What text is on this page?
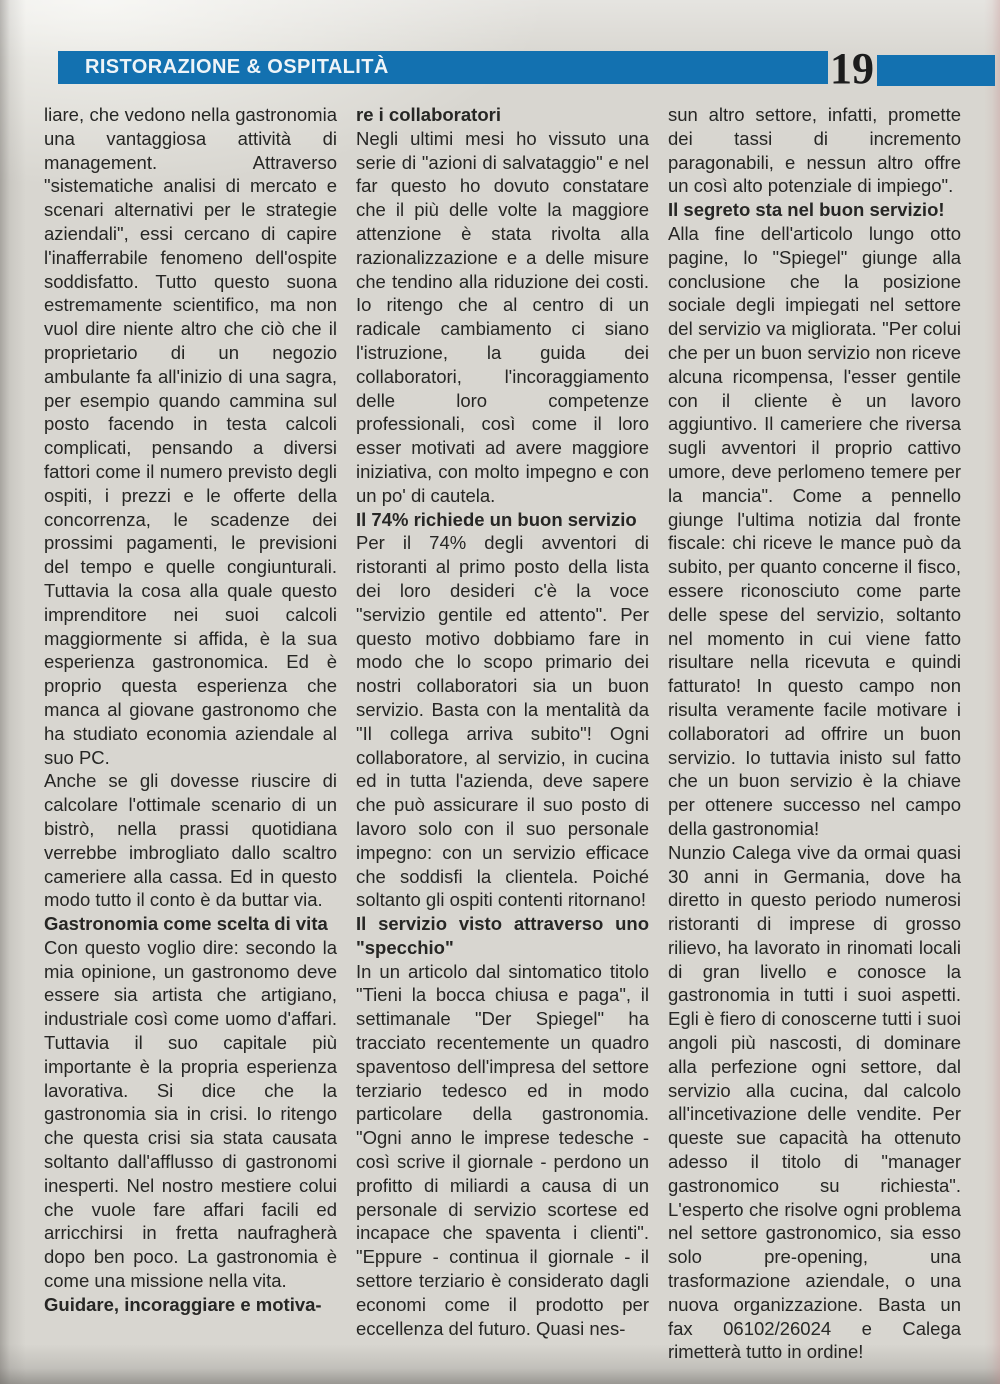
RISTORAZIONE & OSPITALITÀ	19

liare, che vedono nella gastronomia una vantaggiosa attività di management. Attraverso "sistematiche analisi di mercato e scenari alternativi per le strategie aziendali", essi cercano di capire l'inafferrabile fenomeno dell'ospite soddisfatto. Tutto questo suona estremamente scientifico, ma non vuol dire niente altro che ciò che il proprietario di un negozio ambulante fa all'inizio di una sagra, per esempio quando cammina sul posto facendo in testa calcoli complicati, pensando a diversi fattori come il numero previsto degli ospiti, i prezzi e le offerte della concorrenza, le scadenze dei prossimi pagamenti, le previsioni del tempo e quelle congiunturali. Tuttavia la cosa alla quale questo imprenditore nei suoi calcoli maggiormente si affida, è la sua esperienza gastronomica. Ed è proprio questa esperienza che manca al giovane gastronomo che ha studiato economia aziendale al suo PC.

Anche se gli dovesse riuscire di calcolare l'ottimale scenario di un bistrò, nella prassi quotidiana verrebbe imbrogliato dallo scaltro cameriere alla cassa. Ed in questo modo tutto il conto è da buttar via.

Gastronomia come scelta di vita

Con questo voglio dire: secondo la mia opinione, un gastronomo deve essere sia artista che artigiano, industriale così come uomo d'affari. Tuttavia il suo capitale più importante è la propria esperienza lavorativa. Si dice che la gastronomia sia in crisi. Io ritengo che questa crisi sia stata causata soltanto dall'afflusso di gastronomi inesperti. Nel nostro mestiere colui che vuole fare affari facili ed arricchirsi in fretta naufragherà dopo ben poco. La gastronomia è come una missione nella vita.

Guidare, incoraggiare e motiva-

re i collaboratori

Negli ultimi mesi ho vissuto una serie di "azioni di salvataggio" e nel far questo ho dovuto constatare che il più delle volte la maggiore attenzione è stata rivolta alla razionalizzazione e a delle misure che tendino alla riduzione dei costi. Io ritengo che al centro di un radicale cambiamento ci siano l'istruzione, la guida dei collaboratori, l'incoraggiamento delle loro competenze professionali, così come il loro esser motivati ad avere maggiore iniziativa, con molto impegno e con un po' di cautela.

Il 74% richiede un buon servizio

Per il 74% degli avventori di ristoranti al primo posto della lista dei loro desideri c'è la voce "servizio gentile ed attento". Per questo motivo dobbiamo fare in modo che lo scopo primario dei nostri collaboratori sia un buon servizio. Basta con la mentalità da "Il collega arriva subito"! Ogni collaboratore, al servizio, in cucina ed in tutta l'azienda, deve sapere che può assicurare il suo posto di lavoro solo con il suo personale impegno: con un servizio efficace che soddisfi la clientela. Poiché soltanto gli ospiti contenti ritornano!

Il servizio visto attraverso uno "specchio"

In un articolo dal sintomatico titolo "Tieni la bocca chiusa e paga", il settimanale "Der Spiegel" ha tracciato recentemente un quadro spaventoso dell'impresa del settore terziario tedesco ed in modo particolare della gastronomia. "Ogni anno le imprese tedesche - così scrive il giornale - perdono un profitto di miliardi a causa di un personale di servizio scortese ed incapace che spaventa i clienti". "Eppure - continua il giornale - il settore terziario è considerato dagli economi come il prodotto per eccellenza del futuro. Quasi nes-

sun altro settore, infatti, promette dei tassi di incremento paragonabili, e nessun altro offre un così alto potenziale di impiego".

Il segreto sta nel buon servizio!

Alla fine dell'articolo lungo otto pagine, lo "Spiegel" giunge alla conclusione che la posizione sociale degli impiegati nel settore del servizio va migliorata. "Per colui che per un buon servizio non riceve alcuna ricompensa, l'esser gentile con il cliente è un lavoro aggiuntivo. Il cameriere che riversa sugli avventori il proprio cattivo umore, deve perlomeno temere per la mancia". Come a pennello giunge l'ultima notizia dal fronte fiscale: chi riceve le mance può da subito, per quanto concerne il fisco, essere riconosciuto come parte delle spese del servizio, soltanto nel momento in cui viene fatto risultare nella ricevuta e quindi fatturato! In questo campo non risulta veramente facile motivare i collaboratori ad offrire un buon servizio. Io tuttavia inisto sul fatto che un buon servizio è la chiave per ottenere successo nel campo della gastronomia!

Nunzio Calega vive da ormai quasi 30 anni in Germania, dove ha diretto in questo periodo numerosi ristoranti di imprese di grosso rilievo, ha lavorato in rinomati locali di gran livello e conosce la gastronomia in tutti i suoi aspetti. Egli è fiero di conoscerne tutti i suoi angoli più nascosti, di dominare alla perfezione ogni settore, dal servizio alla cucina, dal calcolo all'incetivazione delle vendite. Per queste sue capacità ha ottenuto adesso il titolo di "manager gastronomico su richiesta". L'esperto che risolve ogni problema nel settore gastronomico, sia esso solo pre-opening, una trasformazione aziendale, o una nuova organizzazione. Basta un fax 06102/26024 e Calega rimetterà tutto in ordine!
